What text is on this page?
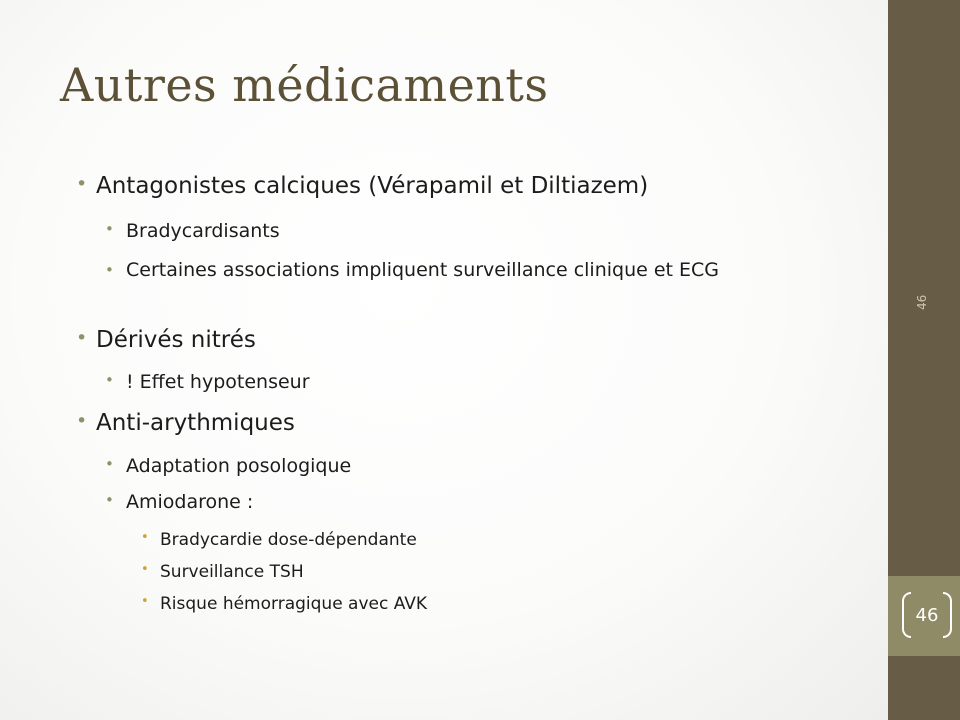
Autres médicaments
• Antagonistes calciques (Vérapamil et Diltiazem)
• Bradycardisants
• Certaines associations impliquent surveillance clinique et ECG
• Dérivés nitrés
• ! Effet hypotenseur
• Anti-arythmiques
• Adaptation posologique
• Amiodarone :
• Bradycardie dose-dépendante
• Surveillance TSH
• Risque hémorragique avec AVK
46
46
